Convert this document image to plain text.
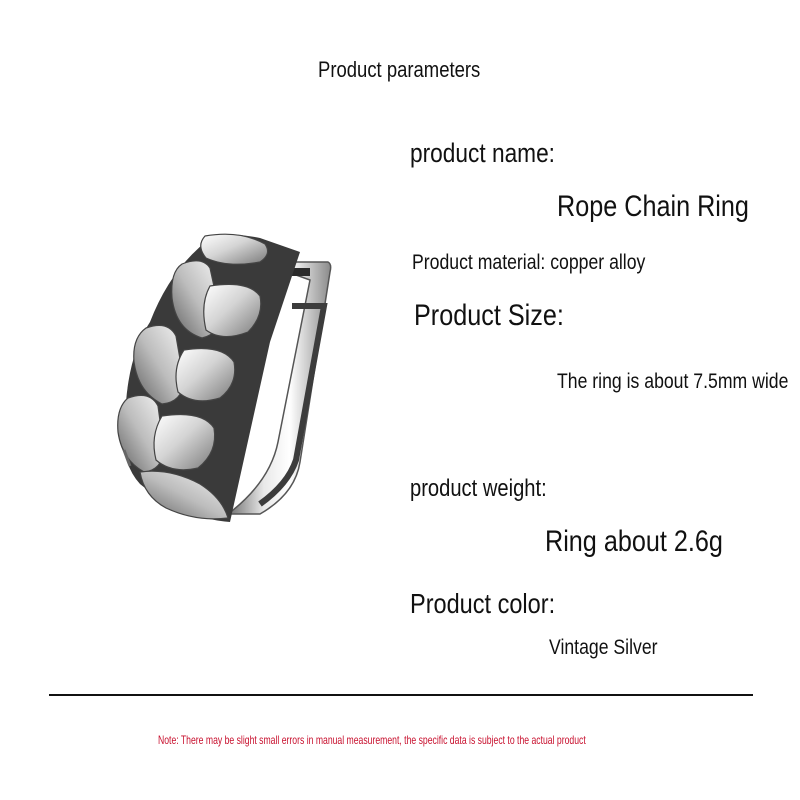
Product parameters
product name:
Rope Chain Ring
Product material: copper alloy
Product Size:
The ring is about 7.5mm wide
product weight:
Ring about 2.6g
Product color:
Vintage Silver
Note: There may be slight small errors in manual measurement, the specific data is subject to the actual product
